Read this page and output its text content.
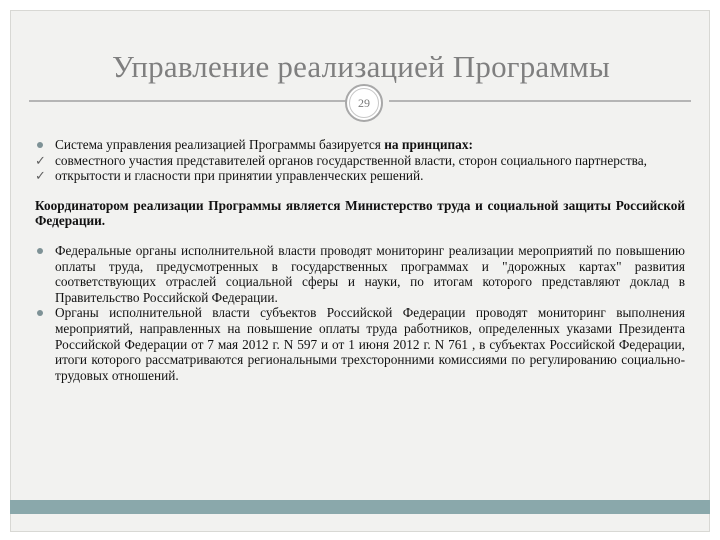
Управление реализацией Программы
29
Система управления реализацией Программы базируется на принципах:
✓ совместного участия представителей органов государственной власти, сторон социального партнерства,
✓ открытости и гласности при принятии управленческих решений.
Координатором реализации Программы является Министерство труда и социальной защиты Российской Федерации.
Федеральные органы исполнительной власти проводят мониторинг реализации мероприятий по повышению оплаты труда, предусмотренных в государственных программах и "дорожных картах" развития соответствующих отраслей социальной сферы и науки, по итогам которого представляют доклад в Правительство Российской Федерации.
Органы исполнительной власти субъектов Российской Федерации проводят мониторинг выполнения мероприятий, направленных на повышение оплаты труда работников, определенных указами Президента Российской Федерации от 7 мая 2012 г. N 597 и от 1 июня 2012 г. N 761 , в субъектах Российской Федерации, итоги которого рассматриваются региональными трехсторонними комиссиями по регулированию социально-трудовых отношений.
